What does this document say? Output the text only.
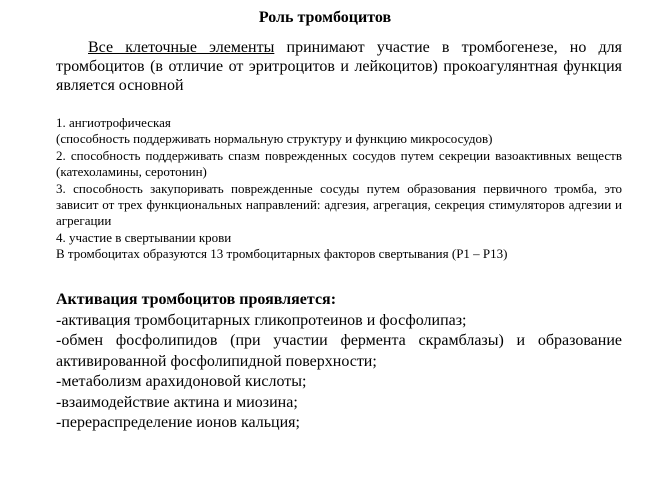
Роль тромбоцитов
  Все клеточные элементы принимают участие в тромбогенезе, но для тромбоцитов (в отличие от эритроцитов и лейкоцитов) прокоагулянтная функция является основной

1. ангиотрофическая

(способность поддерживать нормальную структуру и функцию микрососудов)

2. способность поддерживать спазм поврежденных сосудов путем секреции вазоактивных веществ (катехоламины, серотонин)

3. способность закупоривать поврежденные сосуды путем образования первичного тромба, это зависит от трех функциональных направлений: адгезия, агрегация, секреция стимуляторов адгезии и агрегации

4. участие в свертывании крови

В тромбоцитах образуются 13 тромбоцитарных факторов свертывания (Р1 – Р13)

Активация тромбоцитов проявляется:

-активация тромбоцитарных гликопротеинов и фосфолипаз;

-обмен фосфолипидов (при участии фермента скрамблазы) и образование активированной фосфолипидной поверхности;

-метаболизм арахидоновой кислоты;

-взаимодействие актина и миозина;

-перераспределение ионов кальция;
